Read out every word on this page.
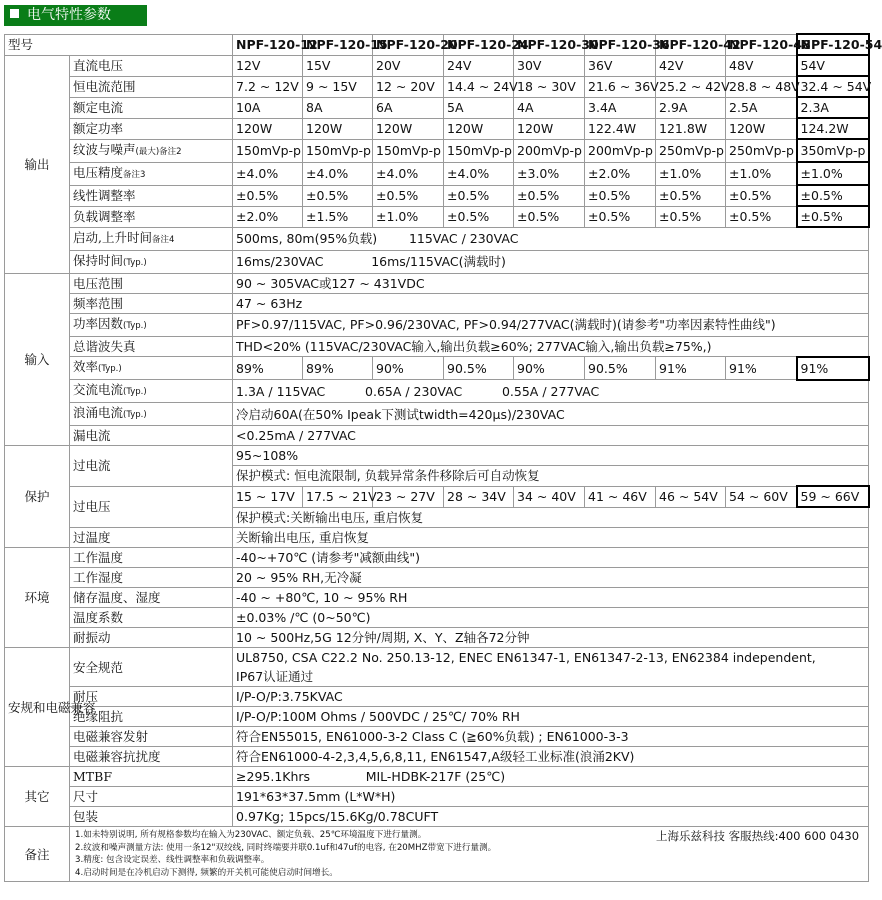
电气特性参数
型号		NPF-120-12	NPF-120-15	NPF-120-20	NPF-120-24	NPF-120-30	NPF-120-36	NPF-120-42	NPF-120-48	NPF-120-54
输出	直流电压	12V	15V	20V	24V	30V	36V	42V	48V	54V
	恒电流范围	7.2 ~ 12V	9 ~ 15V	12 ~ 20V	14.4 ~ 24V	18 ~ 30V	21.6 ~ 36V	25.2 ~ 42V	28.8 ~ 48V	32.4 ~ 54V
	额定电流	10A	8A	6A	5A	4A	3.4A	2.9A	2.5A	2.3A
	额定功率	120W	120W	120W	120W	120W	122.4W	121.8W	120W	124.2W
	纹波与噪声(最大)备注2	150mVp-p	150mVp-p	150mVp-p	150mVp-p	200mVp-p	200mVp-p	250mVp-p	250mVp-p	350mVp-p
	电压精度备注3	±4.0%	±4.0%	±4.0%	±4.0%	±3.0%	±2.0%	±1.0%	±1.0%	±1.0%
	线性调整率	±0.5%	±0.5%	±0.5%	±0.5%	±0.5%	±0.5%	±0.5%	±0.5%	±0.5%
	负载调整率	±2.0%	±1.5%	±1.0%	±0.5%	±0.5%	±0.5%	±0.5%	±0.5%	±0.5%
	启动,上升时间备注4	500ms, 80m(95%负载) 115VAC / 230VAC								
	保持时间(Typ.)	16ms/230VAC 16ms/115VAC(满载时)								
输入	电压范围	90 ~ 305VAC或127 ~ 431VDC								
	频率范围	47 ~ 63Hz								
	功率因数(Typ.)	PF>0.97/115VAC, PF>0.96/230VAC, PF>0.94/277VAC(满载时)(请参考"功率因素特性曲线")								
	总谐波失真	THD<20% (115VAC/230VAC输入,输出负载≥60%; 277VAC输入,输出负载≥75%,)								
	效率(Typ.)	89%	89%	90%	90.5%	90%	90.5%	91%	91%	91%
	交流电流(Typ.)	1.3A / 115VAC 0.65A / 230VAC 0.55A / 277VAC								
	浪涌电流(Typ.)	冷启动60A(在50% Ipeak下测试twidth=420μs)/230VAC								
	漏电流	<0.25mA / 277VAC								
保护	过电流	95~108%								
		保护模式: 恒电流限制, 负载异常条件移除后可自动恢复								
	过电压	15 ~ 17V	17.5 ~ 21V	23 ~ 27V	28 ~ 34V	34 ~ 40V	41 ~ 46V	46 ~ 54V	54 ~ 60V	59 ~ 66V
		保护模式:关断输出电压, 重启恢复								
	过温度	关断输出电压, 重启恢复								
环境	工作温度	-40~+70℃ (请参考"减额曲线")								
	工作湿度	20 ~ 95% RH,无冷凝								
	储存温度、湿度	-40 ~ +80℃, 10 ~ 95% RH								
	温度系数	±0.03% /℃ (0~50℃)								
	耐振动	10 ~ 500Hz,5G 12分钟/周期, X、Y、Z轴各72分钟								
安规和电磁兼容	安全规范	UL8750, CSA C22.2 No. 250.13-12, ENEC EN61347-1, EN61347-2-13, EN62384 independent,
IP67认证通过								

	耐压	I/P-O/P:3.75KVAC								
	绝缘阻抗	I/P-O/P:100M Ohms / 500VDC / 25℃/ 70% RH								
	电磁兼容发射	符合EN55015, EN61000-3-2 Class C (≧60%负载) ; EN61000-3-3								
	电磁兼容抗扰度	符合EN61000-4-2,3,4,5,6,8,11, EN61547,A级轻工业标准(浪涌2KV)								
其它	MTBF	≥295.1Khrs MIL-HDBK-217F (25℃)								
	尺寸	191*63*37.5mm (L*W*H)								
	包装	0.97Kg; 15pcs/15.6Kg/0.78CUFT								
备注	上海乐兹科技 客服热线:400 600 0430
1.如未特别说明, 所有规格参数均在输入为230VAC、额定负载、25℃环境温度下进行量测。
2.纹波和噪声测量方法: 使用一条12"双绞线, 同时终端要并联0.1uf和47uf的电容, 在20MHZ带宽下进行量测。
3.精度: 包含设定误差、线性调整率和负载调整率。
4.启动时间是在冷机启动下测得, 频繁的开关机可能使启动时间增长。									
